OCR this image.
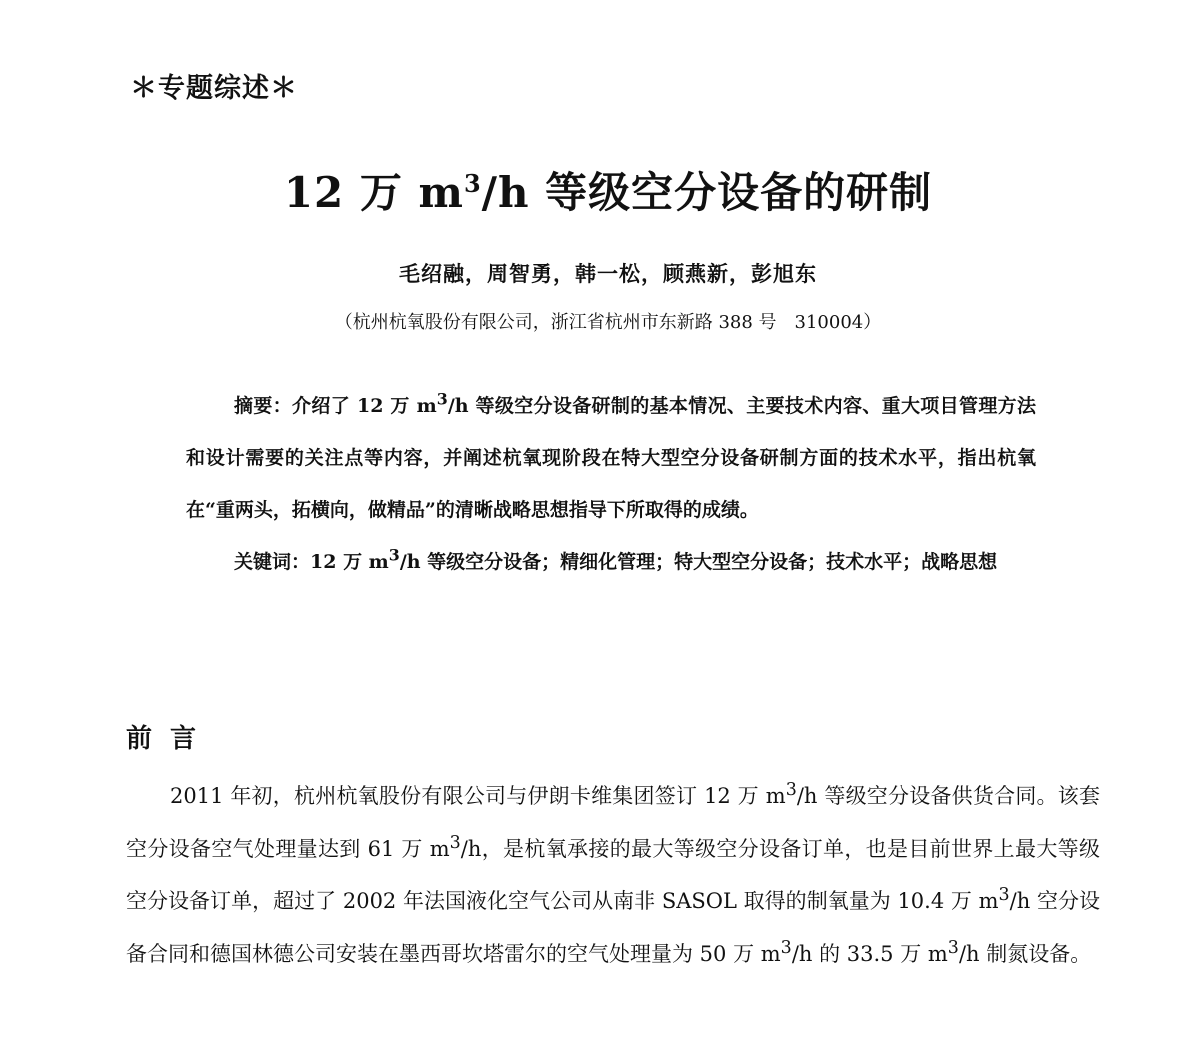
＊专题综述＊
12 万 $m^3/h$ 等级空分设备的研制
毛绍融，周智勇，韩一松，顾燕新，彭旭东
（杭州杭氧股份有限公司，浙江省杭州市东新路 388 号　310004）

摘要：介绍了 12 万 $m^3/h$ 等级空分设备研制的基本情况、主要技术内容、重大项目管理方法和设计需要的关注点等内容，并阐述杭氧现阶段在特大型空分设备研制方面的技术水平，指出杭氧在“重两头，拓横向，做精品”的清晰战略思想指导下所取得的成绩。

关键词：12 万 $m^3/h$ 等级空分设备；精细化管理；特大型空分设备；技术水平；战略思想

前言

2011 年初，杭州杭氧股份有限公司与伊朗卡维集团签订 12 万 $m^3/h$ 等级空分设备供货合同。该套空分设备空气处理量达到 61 万 $m^3/h$，是杭氧承接的最大等级空分设备订单，也是目前世界上最大等级空分设备订单，超过了 2002 年法国液化空气公司从南非 SASOL 取得的制氧量为 10.4 万 $m^3/h$ 空分设备合同和德国林德公司安装在墨西哥坎塔雷尔的空气处理量为 50 万 $m^3/h$ 的 33.5 万 $m^3/h$ 制氮设备。
